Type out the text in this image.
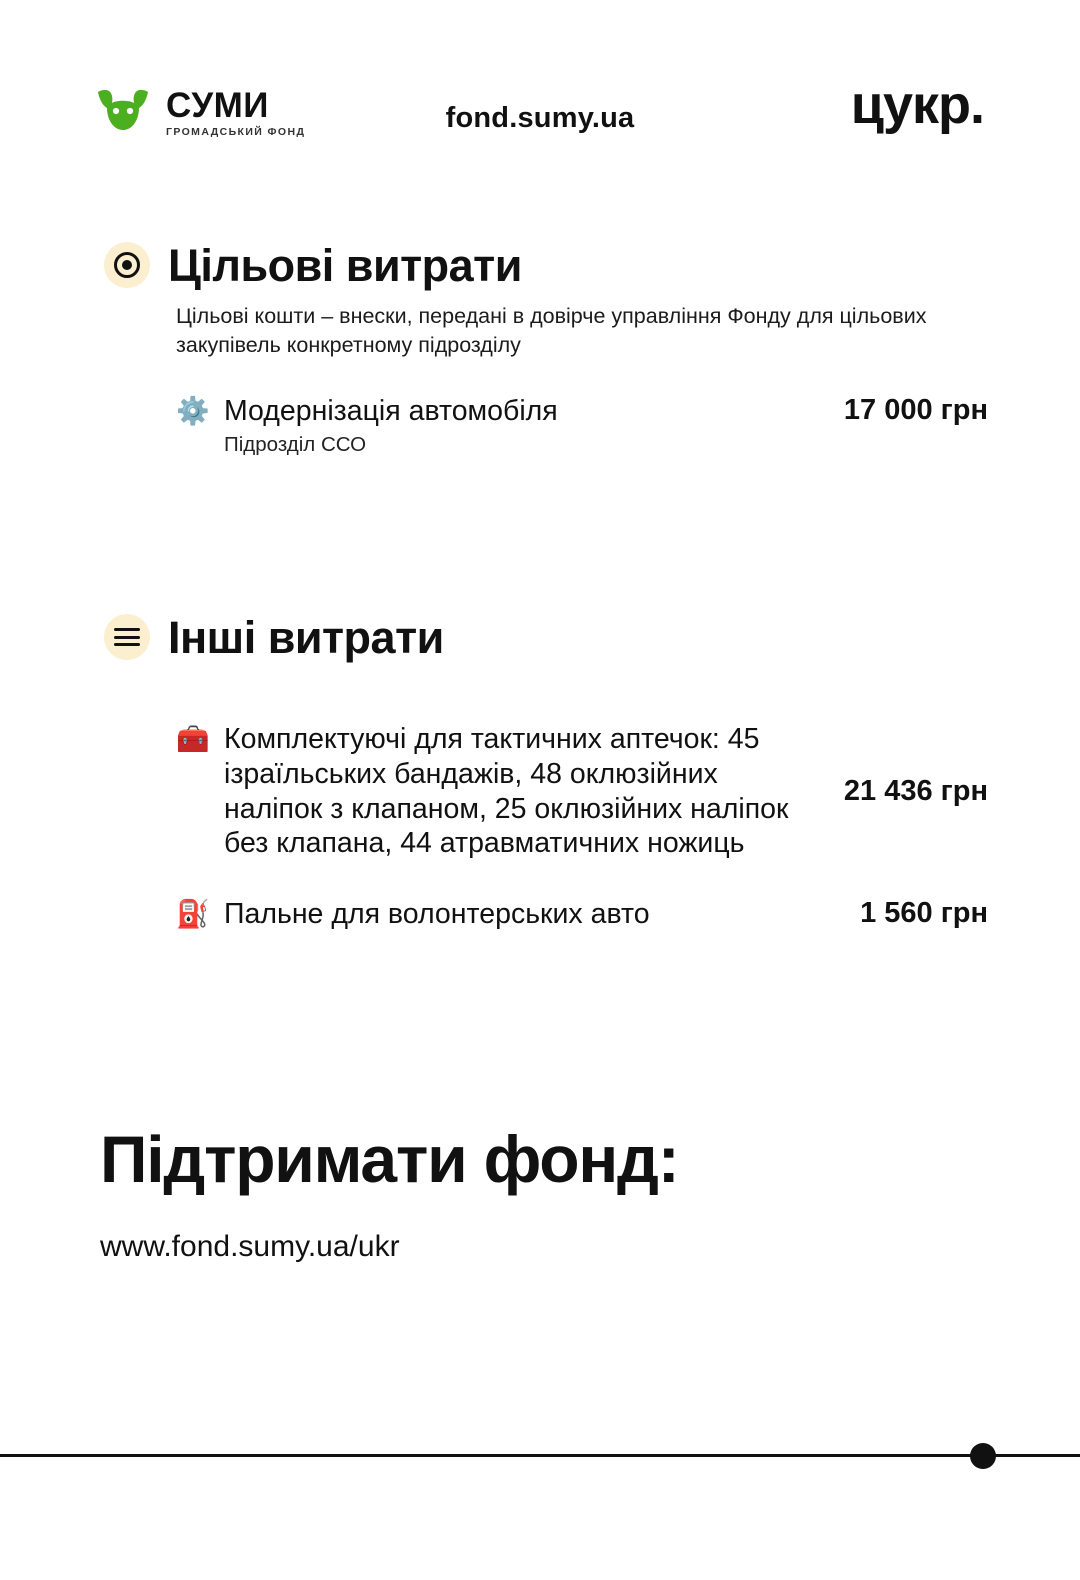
СУМИ
ГРОМАДСЬКИЙ ФОНД	fond.sumy.ua	цукр.
Цільові витрати
Цільові кошти – внески, передані в довірче управління Фонду для цільових закупівель конкретному підрозділу
⚙️ Модернізація автомобіля
Підрозділ ССО
17 000 грн
Інші витрати
🧰 Комплектуючі для тактичних аптечок: 45 ізраїльських бандажів, 48 оклюзійних наліпок з клапаном, 25 оклюзійних наліпок без клапана, 44 атравматичних ножиць
21 436 грн
⛽ Пальне для волонтерських авто	1 560 грн
Підтримати фонд:
www.fond.sumy.ua/ukr
